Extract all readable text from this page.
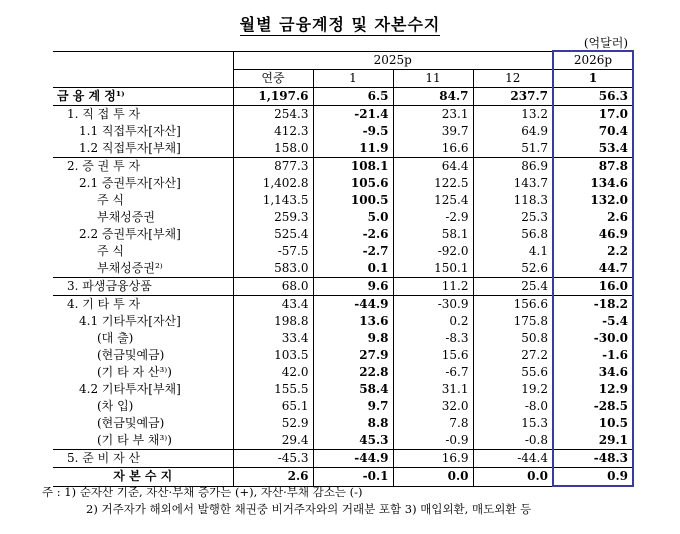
월별 금융계정 및 자본수지
(억달러)
	2025p				2026p
	연중	1	11	12	1
금 융 계 정¹⁾	1,197.6	6.5	84.7	237.7	56.3
1. 직 접 투 자	254.3	-21.4	23.1	13.2	17.0
1.1 직접투자[자산]	412.3	-9.5	39.7	64.9	70.4
1.2 직접투자[부채]	158.0	11.9	16.6	51.7	53.4
2. 증 권 투 자	877.3	108.1	64.4	86.9	87.8
2.1 증권투자[자산]	1,402.8	105.6	122.5	143.7	134.6
주 식	1,143.5	100.5	125.4	118.3	132.0
부채성증권	259.3	5.0	-2.9	25.3	2.6
2.2 증권투자[부채]	525.4	-2.6	58.1	56.8	46.9
주 식	-57.5	-2.7	-92.0	4.1	2.2
부채성증권²⁾	583.0	0.1	150.1	52.6	44.7
3. 파생금융상품	68.0	9.6	11.2	25.4	16.0
4. 기 타 투 자	43.4	-44.9	-30.9	156.6	-18.2
4.1 기타투자[자산]	198.8	13.6	0.2	175.8	-5.4
(대 출)	33.4	9.8	-8.3	50.8	-30.0
(현금및예금)	103.5	27.9	15.6	27.2	-1.6
(기 타 자 산³⁾)	42.0	22.8	-6.7	55.6	34.6
4.2 기타투자[부채]	155.5	58.4	31.1	19.2	12.9
(차 입)	65.1	9.7	32.0	-8.0	-28.5
(현금및예금)	52.9	8.8	7.8	15.3	10.5
(기 타 부 채³⁾)	29.4	45.3	-0.9	-0.8	29.1
5. 준 비 자 산	-45.3	-44.9	16.9	-44.4	-48.3
자 본 수 지	2.6	-0.1	0.0	0.0	0.9
주 : 1) 순자산 기준, 자산·부채 증가는 (+), 자산·부채 감소는 (-)
2) 거주자가 해외에서 발행한 채권중 비거주자와의 거래분 포함 3) 매입외환, 매도외환 등
